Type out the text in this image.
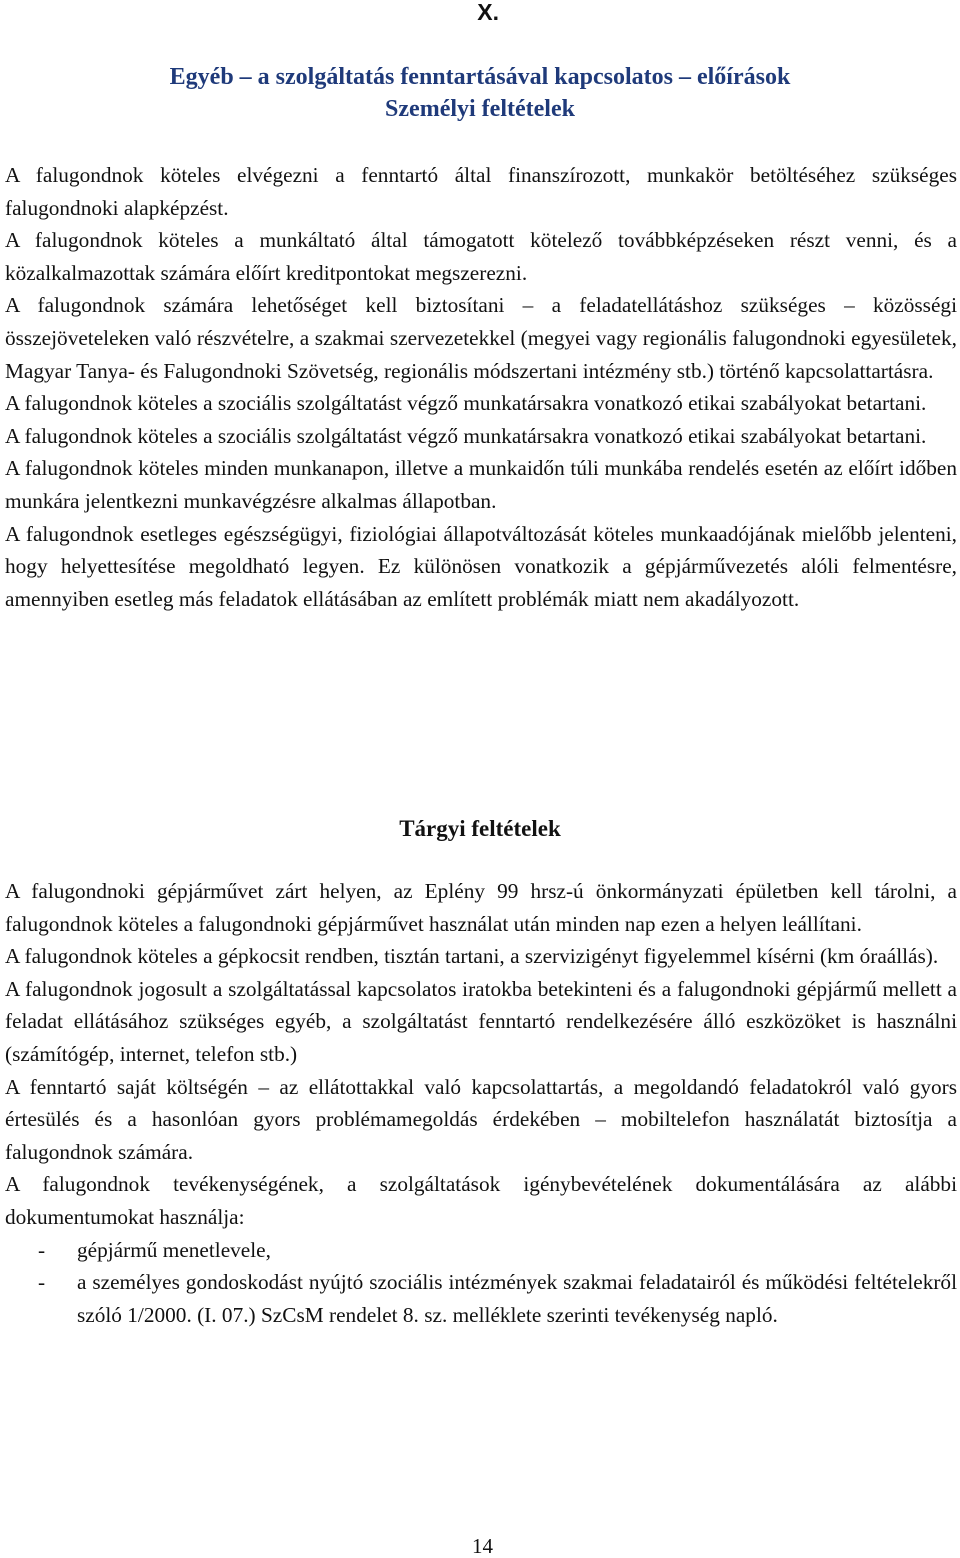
X.
Egyéb – a szolgáltatás fenntartásával kapcsolatos – előírások
Személyi feltételek

A falugondnok köteles elvégezni a fenntartó által finanszírozott, munkakör betöltéséhez szükséges falugondnoki alapképzést.

A falugondnok köteles a munkáltató által támogatott kötelező továbbképzéseken részt venni, és a közalkalmazottak számára előírt kreditpontokat megszerezni.

A falugondnok számára lehetőséget kell biztosítani – a feladatellátáshoz szükséges – közösségi összejöveteleken való részvételre, a szakmai szervezetekkel (megyei vagy regionális falugondnoki egyesületek, Magyar Tanya- és Falugondnoki Szövetség, regionális módszertani intézmény stb.) történő kapcsolattartásra.

A falugondnok köteles a szociális szolgáltatást végző munkatársakra vonatkozó etikai szabályokat betartani.

A falugondnok köteles a szociális szolgáltatást végző munkatársakra vonatkozó etikai szabályokat betartani.

A falugondnok köteles minden munkanapon, illetve a munkaidőn túli munkába rendelés esetén az előírt időben munkára jelentkezni munkavégzésre alkalmas állapotban.

A falugondnok esetleges egészségügyi, fiziológiai állapotváltozását köteles munkaadójának mielőbb jelenteni, hogy helyettesítése megoldható legyen. Ez különösen vonatkozik a gépjárművezetés alóli felmentésre, amennyiben esetleg más feladatok ellátásában az említett problémák miatt nem akadályozott.

Tárgyi feltételek

A falugondnoki gépjárművet zárt helyen, az Eplény 99 hrsz-ú önkormányzati épületben kell tárolni, a falugondnok köteles a falugondnoki gépjárművet használat után minden nap ezen a helyen leállítani.

A falugondnok köteles a gépkocsit rendben, tisztán tartani, a szervizigényt figyelemmel kísérni (km óraállás).

A falugondnok jogosult a szolgáltatással kapcsolatos iratokba betekinteni és a falugondnoki gépjármű mellett a feladat ellátásához szükséges egyéb, a szolgáltatást fenntartó rendelkezésére álló eszközöket is használni (számítógép, internet, telefon stb.)

A fenntartó saját költségén – az ellátottakkal való kapcsolattartás, a megoldandó feladatokról való gyors értesülés és a hasonlóan gyors problémamegoldás érdekében – mobiltelefon használatát biztosítja a falugondnok számára.

A falugondnok tevékenységének, a szolgáltatások igénybevételének dokumentálására az alábbi dokumentumokat használja:

- gépjármű menetlevele,
- a személyes gondoskodást nyújtó szociális intézmények szakmai feladatairól és működési feltételekről szóló 1/2000. (I. 07.) SzCsM rendelet 8. sz. melléklete szerinti tevékenység napló.
14
